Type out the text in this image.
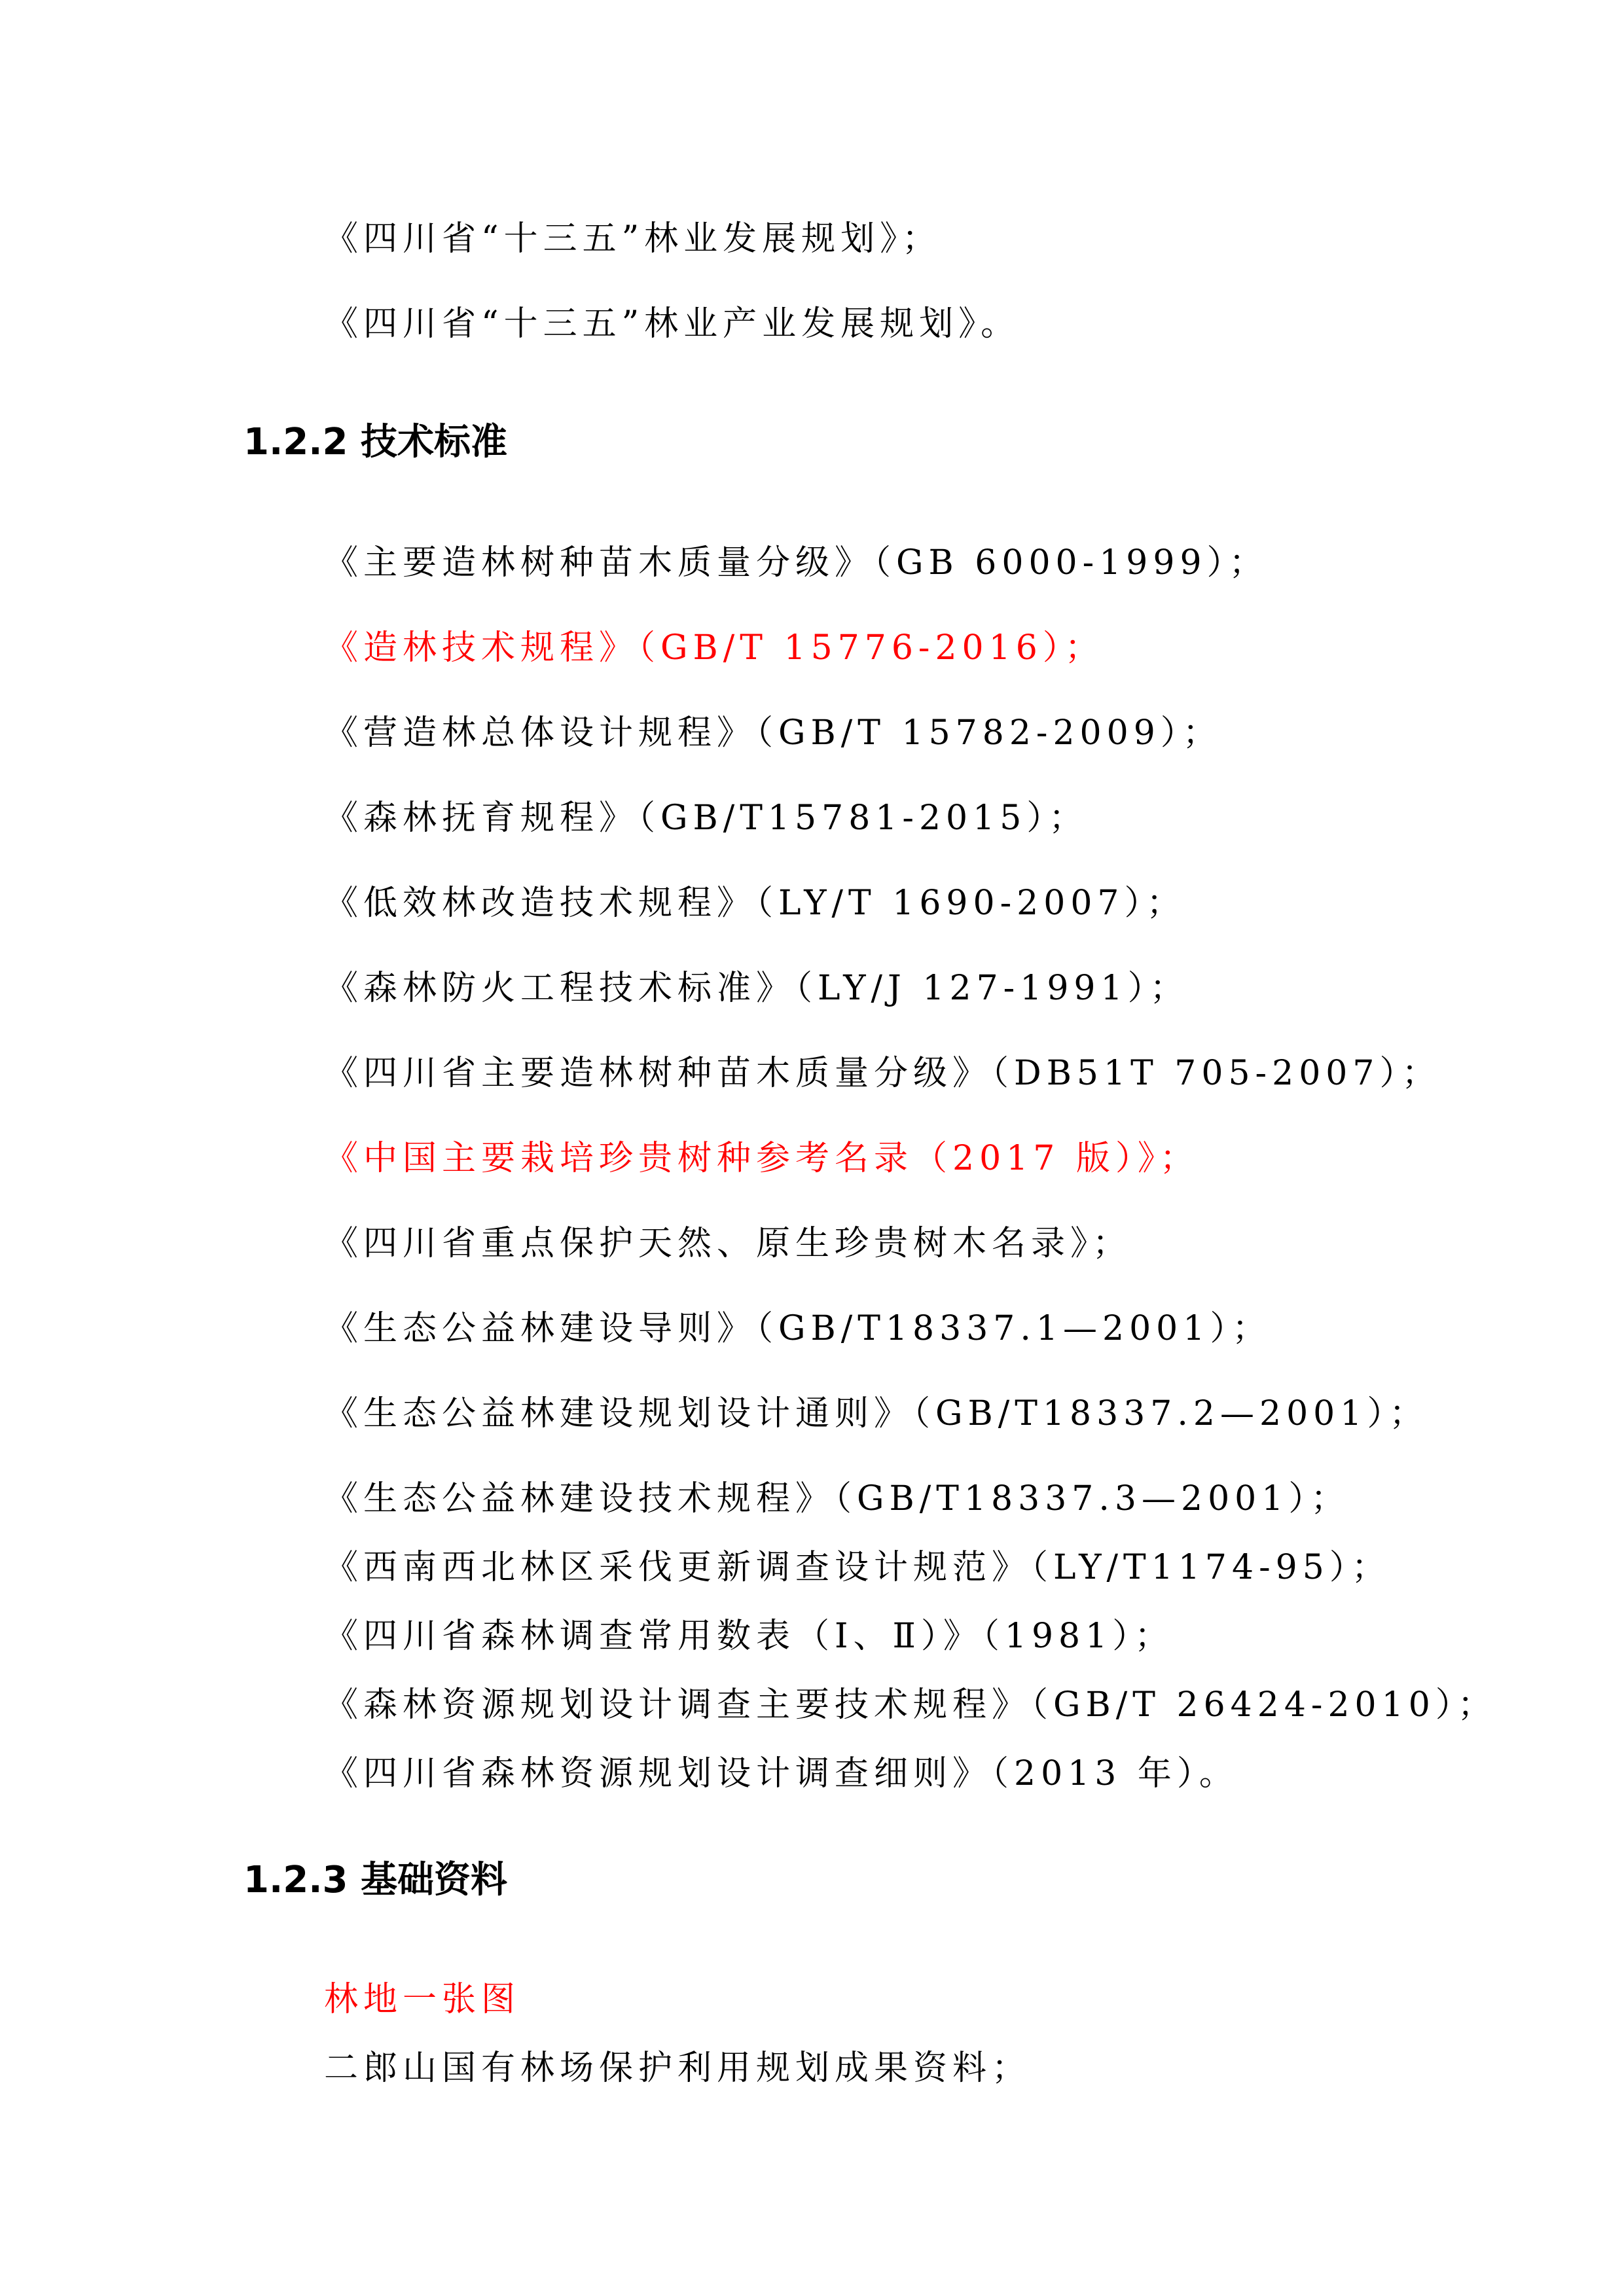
《四川省“十三五”林业发展规划》；
《四川省“十三五”林业产业发展规划》。
1.2.2 技术标准
《主要造林树种苗木质量分级》（GB 6000-1999）；
《造林技术规程》（GB/T 15776-2016）；
《营造林总体设计规程》（GB/T 15782-2009）；
《森林抚育规程》（GB/T15781-2015）；
《低效林改造技术规程》（LY/T 1690-2007）；
《森林防火工程技术标准》（LY/J 127-1991）；
《四川省主要造林树种苗木质量分级》（DB51T 705-2007）；
《中国主要栽培珍贵树种参考名录（2017 版）》；
《四川省重点保护天然、原生珍贵树木名录》；
《生态公益林建设导则》（GB/T18337.1—2001）；
《生态公益林建设规划设计通则》（GB/T18337.2—2001）；
《生态公益林建设技术规程》（GB/T18337.3—2001）；
《西南西北林区采伐更新调查设计规范》（LY/T1174-95）；
《四川省森林调查常用数表（Ⅰ、Ⅱ）》（1981）；
《森林资源规划设计调查主要技术规程》（GB/T 26424-2010）；
《四川省森林资源规划设计调查细则》（2013 年）。
1.2.3 基础资料
林地一张图
二郎山国有林场保护利用规划成果资料；
